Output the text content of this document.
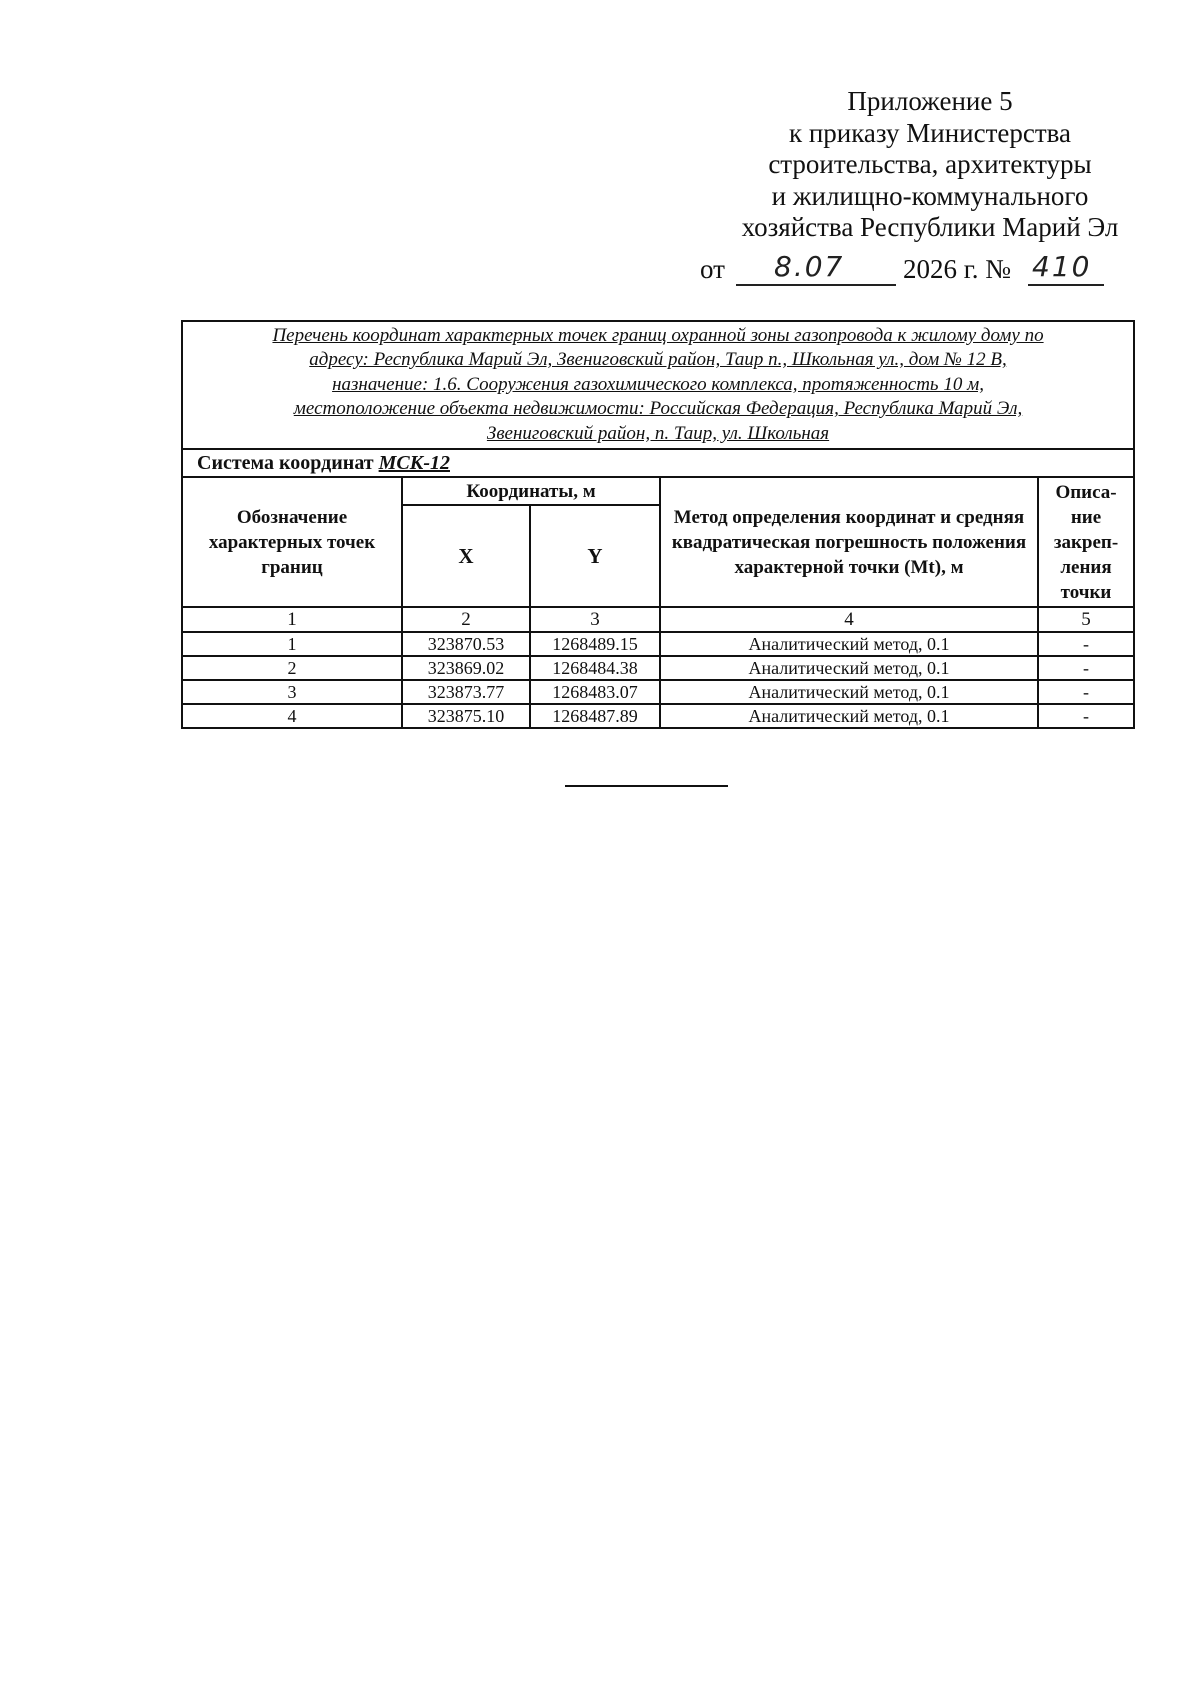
Приложение 5
к приказу Министерства
строительства, архитектуры
и жилищно-коммунального
хозяйства Республики Марий Эл
от 8.07 2026 г. № 410
Перечень координат характерных точек границ охранной зоны газопровода к жилому дому по
адресу: Республика Марий Эл, Звениговский район, Таир п., Школьная ул., дом № 12 В,
назначение: 1.6. Сооружения газохимического комплекса, протяженность 10 м,
местоположение объекта недвижимости: Российская Федерация, Республика Марий Эл,
Звениговский район, п. Таир, ул. Школьная				

Система координат МСК-12				
Обозначение характерных точек границ	Координаты, м		Метод определения координат и средняя квадратическая погрешность положения характерной точки (Mt), м	Описа-
ние
закреп-
ления
точки

	X	Y		
1	2	3	4	5
1	323870.53	1268489.15	Аналитический метод, 0.1	-
2	323869.02	1268484.38	Аналитический метод, 0.1	-
3	323873.77	1268483.07	Аналитический метод, 0.1	-
4	323875.10	1268487.89	Аналитический метод, 0.1	-
